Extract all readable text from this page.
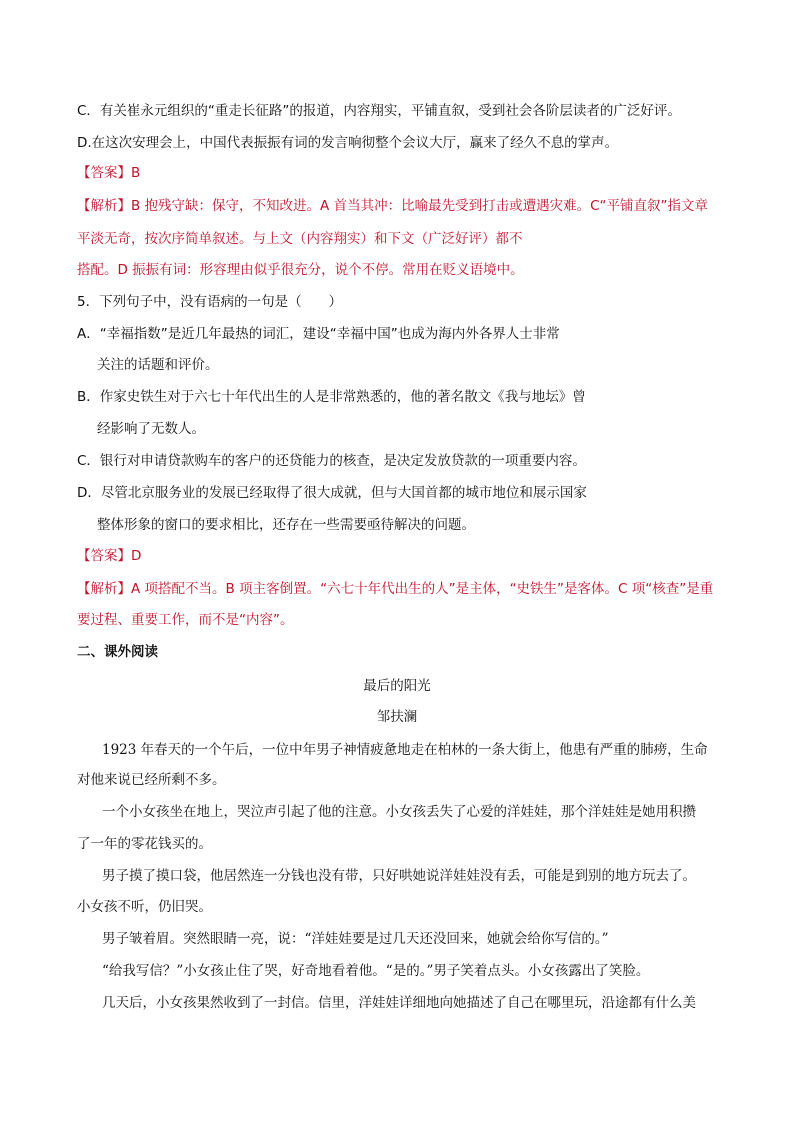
C．有关崔永元组织的“重走长征路”的报道，内容翔实，平铺直叙，受到社会各阶层读者的广泛好评。
D.在这次安理会上，中国代表振振有词的发言响彻整个会议大厅，赢来了经久不息的掌声。
【答案】B
【解析】B 抱残守缺：保守，不知改进。A 首当其冲：比喻最先受到打击或遭遇灾难。C“平铺直叙”指文章
平淡无奇，按次序简单叙述。与上文（内容翔实）和下文（广泛好评）都不
搭配。D 振振有词：形容理由似乎很充分，说个不停。常用在贬义语境中。
5．下列句子中，没有语病的一句是（　　）
A．“幸福指数”是近几年最热的词汇，建设“幸福中国”也成为海内外各界人士非常
关注的话题和评价。
B．作家史铁生对于六七十年代出生的人是非常熟悉的，他的著名散文《我与地坛》曾
经影响了无数人。
C．银行对申请贷款购车的客户的还贷能力的核查，是决定发放贷款的一项重要内容。
D．尽管北京服务业的发展已经取得了很大成就，但与大国首都的城市地位和展示国家
整体形象的窗口的要求相比，还存在一些需要亟待解决的问题。
【答案】D
【解析】A 项搭配不当。B 项主客倒置。“六七十年代出生的人”是主体，“史铁生”是客体。C 项“核查”是重
要过程、重要工作，而不是“内容”。
二、课外阅读
最后的阳光
邹扶澜
1923 年春天的一个午后，一位中年男子神情疲惫地走在柏林的一条大街上，他患有严重的肺痨，生命
对他来说已经所剩不多。
一个小女孩坐在地上，哭泣声引起了他的注意。小女孩丢失了心爱的洋娃娃，那个洋娃娃是她用积攒
了一年的零花钱买的。
男子摸了摸口袋，他居然连一分钱也没有带，只好哄她说洋娃娃没有丢，可能是到别的地方玩去了。
小女孩不听，仍旧哭。
男子皱着眉。突然眼睛一亮，说：“洋娃娃要是过几天还没回来，她就会给你写信的。”
“给我写信？”小女孩止住了哭，好奇地看着他。“是的。”男子笑着点头。小女孩露出了笑脸。
几天后，小女孩果然收到了一封信。信里，洋娃娃详细地向她描述了自己在哪里玩，沿途都有什么美
